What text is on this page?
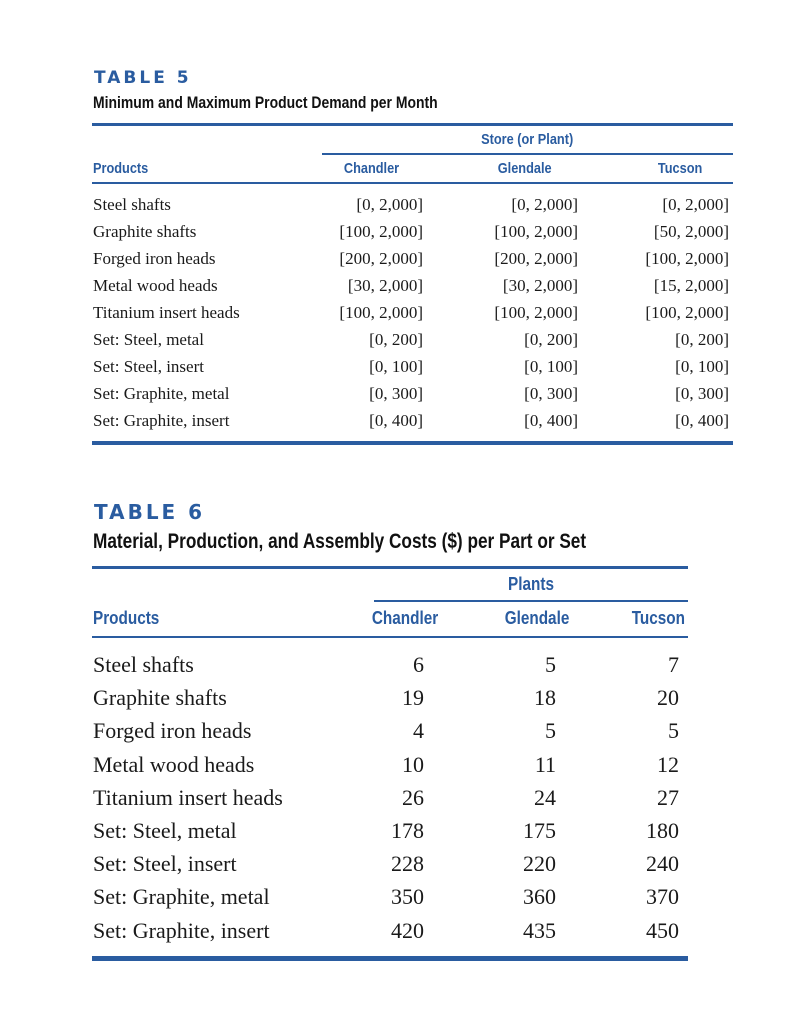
TABLE 5

Minimum and Maximum Product Demand per Month

Store (or Plant)
Products	Chandler	Glendale	Tucson
Steel shafts	[0, 2,000]	[0, 2,000]	[0, 2,000]
Graphite shafts	[100, 2,000]	[100, 2,000]	[50, 2,000]
Forged iron heads	[200, 2,000]	[200, 2,000]	[100, 2,000]
Metal wood heads	[30, 2,000]	[30, 2,000]	[15, 2,000]
Titanium insert heads	[100, 2,000]	[100, 2,000]	[100, 2,000]
Set: Steel, metal	[0, 200]	[0, 200]	[0, 200]
Set: Steel, insert	[0, 100]	[0, 100]	[0, 100]
Set: Graphite, metal	[0, 300]	[0, 300]	[0, 300]
Set: Graphite, insert	[0, 400]	[0, 400]	[0, 400]

TABLE 6

Material, Production, and Assembly Costs ($) per Part or Set

Plants
Products	Chandler	Glendale	Tucson
Steel shafts	6	5	7
Graphite shafts	19	18	20
Forged iron heads	4	5	5
Metal wood heads	10	11	12
Titanium insert heads	26	24	27
Set: Steel, metal	178	175	180
Set: Steel, insert	228	220	240
Set: Graphite, metal	350	360	370
Set: Graphite, insert	420	435	450
